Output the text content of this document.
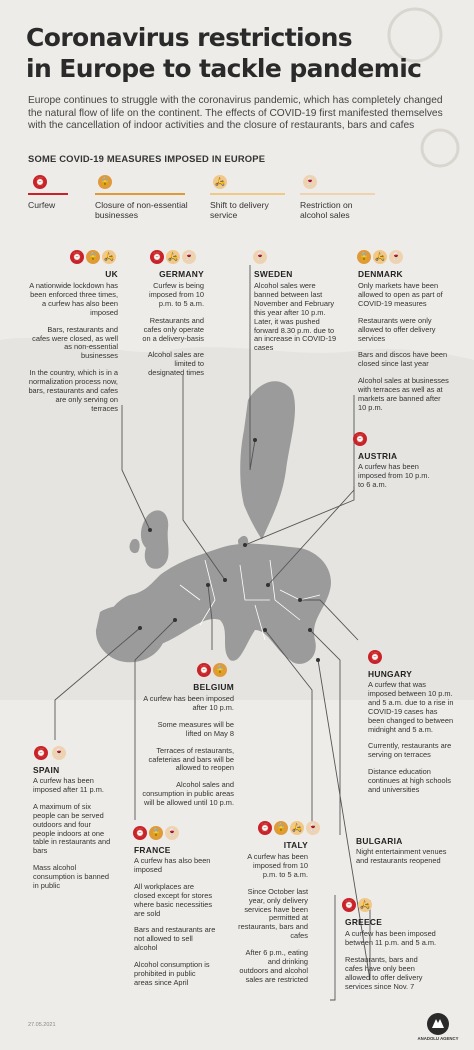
Coronavirus restrictions
in Europe to tackle pandemic
Europe continues to struggle with the coronavirus pandemic, which has completely changed the natural flow of life on the continent. The effects of COVID-19 first manifested themselves with the cancellation of indoor activities and the closure of restaurants, bars and cafes
SOME COVID-19 MEASURES IMPOSED IN EUROPE
⏰
Curfew
🔒
Closure of non-essential businesses
🛵
Shift to delivery service
🍷
Restriction on alcohol sales
⏰ 🔒 🛵
UK

A nationwide lockdown has been enforced three times, a curfew has also been imposed

Bars, restaurants and cafes were closed, as well as non-essential businesses

In the country, which is in a normalization process now, bars, restaurants and cafes are only serving on terraces

⏰ 🛵 🍷
GERMANY

Curfew is being imposed from 10 p.m. to 5 a.m.

Restaurants and cafes only operate on a delivery-basis

Alcohol sales are limited to designated times

🍷
SWEDEN

Alcohol sales were banned between last November and February this year after 10 p.m. Later, it was pushed forward 8.30 p.m. due to an increase in COVID-19 cases

🔒 🛵 🍷
DENMARK

Only markets have been allowed to open as part of COVID-19 measures

Restaurants were only allowed to offer delivery services

Bars and discos have been closed since last year

Alcohol sales at businesses with terraces as well as at markets are banned after 10 p.m.

⏰
AUSTRIA

A curfew has been imposed from 10 p.m. to 6 a.m.

⏰
HUNGARY

A curfew that was imposed between 10 p.m. and 5 a.m. due to a rise in COVID-19 cases has been changed to between midnight and 5 a.m.

Currently, restaurants are serving on terraces

Distance education continues at high schools and universities

⏰ 🔒
BELGIUM

A curfew has been imposed after 10 p.m.

Some measures will be lifted on May 8

Terraces of restaurants, cafeterias and bars will be allowed to reopen

Alcohol sales and consumption in public areas will be allowed until 10 p.m.

⏰ 🍷
SPAIN

A curfew has been imposed after 11 p.m.

A maximum of six people can be served outdoors and four people indoors at one table in restaurants and bars

Mass alcohol consumption is banned in public

⏰ 🔒 🍷
FRANCE

A curfew has also been imposed

All workplaces are closed except for stores where basic necessities are sold

Bars and restaurants are not allowed to sell alcohol

Alcohol consumption is prohibited in public areas since April

⏰ 🔒 🛵 🍷
ITALY

A curfew has been imposed from 10 p.m. to 5 a.m.

Since October last year, only delivery services have been permitted at restaurants, bars and cafes

After 6 p.m., eating and drinking outdoors and alcohol sales are restricted

BULGARIA

Night entertainment venues and restaurants reopened

⏰ 🛵
GREECE

A curfew has been imposed between 11 p.m. and 5 a.m.

Restaurants, bars and cafes have only been allowed to offer delivery services since Nov. 7

27.05.2021
ANADOLU AGENCY
